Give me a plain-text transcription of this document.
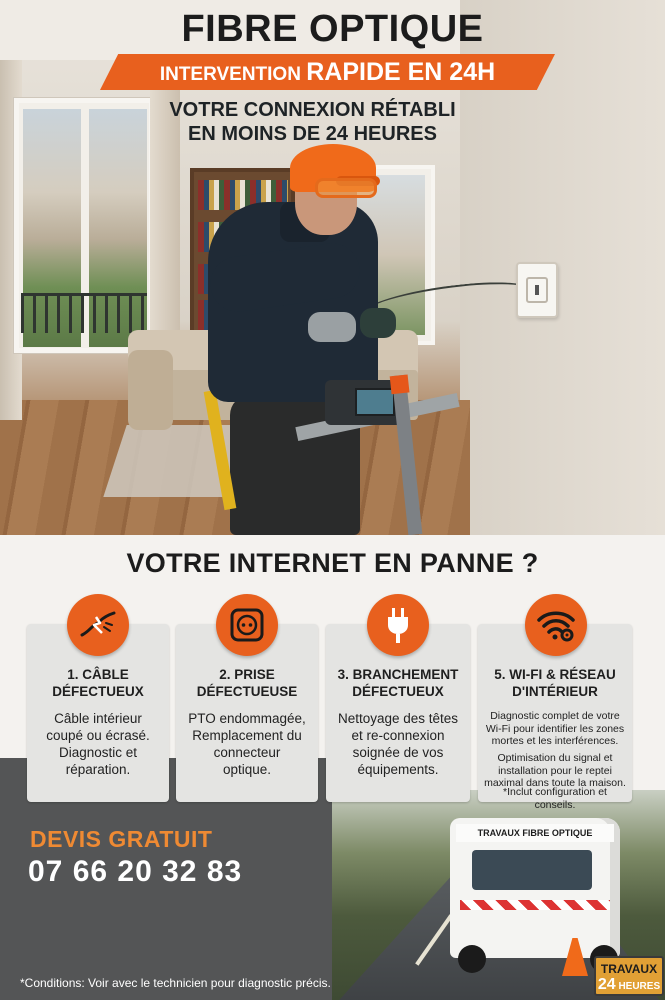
FIBRE OPTIQUE
INTERVENTION RAPIDE EN 24H
VOTRE CONNEXION RÉTABLI
EN MOINS DE 24 HEURES
TRAVAUX FIBRE OPTIQUE
VOTRE INTERNET EN PANNE ?
1. CÂBLE
DÉFECTUEUX
Câble intérieur
coupé ou écrasé.
Diagnostic et
réparation.
2. PRISE
DÉFECTUEUSE
PTO endommagée,
Remplacement du
connecteur
optique.
3. BRANCHEMENT
DÉFECTUEUX
Nettoyage des têtes
et re-connexion
soignée de vos
équipements.
5. WI-FI & RÉSEAU
D'INTÉRIEUR
Diagnostic complet de votre
Wi-Fi pour identifier les zones
mortes et les interférences.
Optimisation du signal et
installation pour le reptei
maximal dans toute la maison.
*Inclut configuration et conseils.
DEVIS GRATUIT
07 66 20 32 83
*Conditions: Voir avec le technicien pour diagnostic précis.
TRAVAUX
24 HEURES
